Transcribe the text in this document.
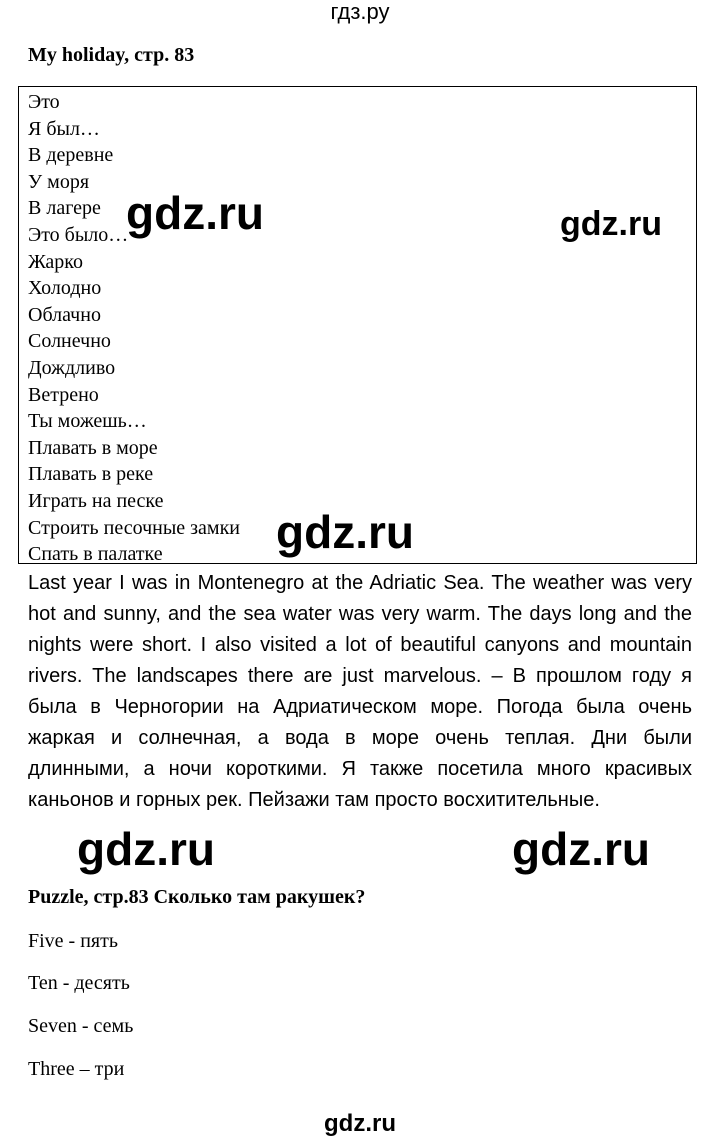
гдз.ру
My holiday, стр. 83
Это
Я был…
В деревне
У моря
В лагере
Это было…
Жарко
Холодно
Облачно
Солнечно
Дождливо
Ветрено
Ты можешь…
Плавать в море
Плавать в реке
Играть на песке
Строить песочные замки
Спать в палатке

Last year I was in Montenegro at the Adriatic Sea. The weather was very hot and sunny, and the sea water was very warm. The days long and the nights were short. I also visited a lot of beautiful canyons and mountain rivers. The landscapes there are just marvelous. – В прошлом году я была в Черногории на Адриатическом море. Погода была очень жаркая и солнечная, а вода в море очень теплая. Дни были длинными, а ночи короткими. Я также посетила много красивых каньонов и горных рек. Пейзажи там просто восхитительные.

Puzzle, стр.83 Сколько там ракушек?
Five - пять
Ten - десять
Seven - семь
Three – три
gdz.ru	gdz.ru
gdz.ru
gdz.ru	gdz.ru
gdz.ru
